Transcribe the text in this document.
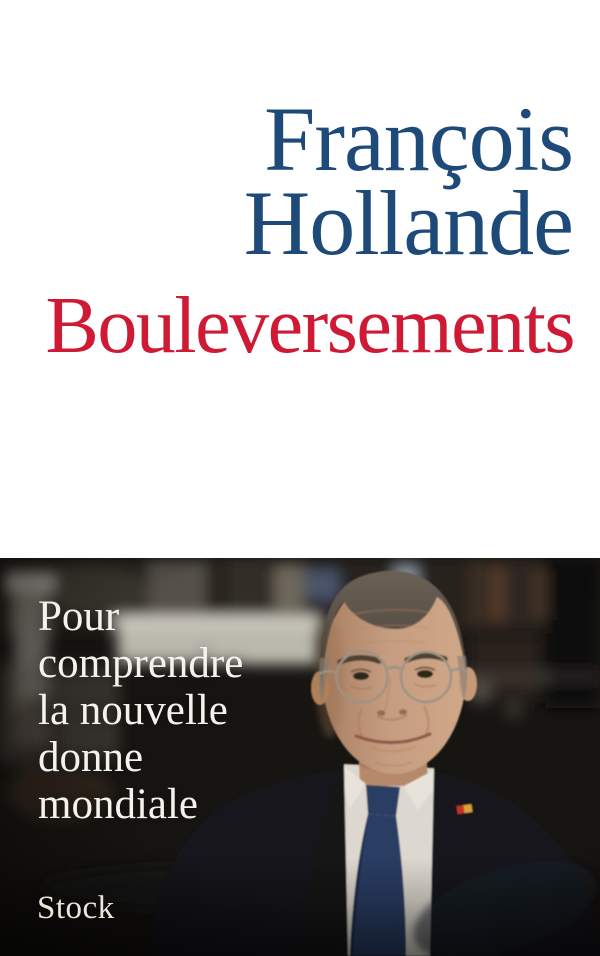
François
Hollande
Bouleversements
Pour
comprendre
la nouvelle
donne
mondiale
Stock
